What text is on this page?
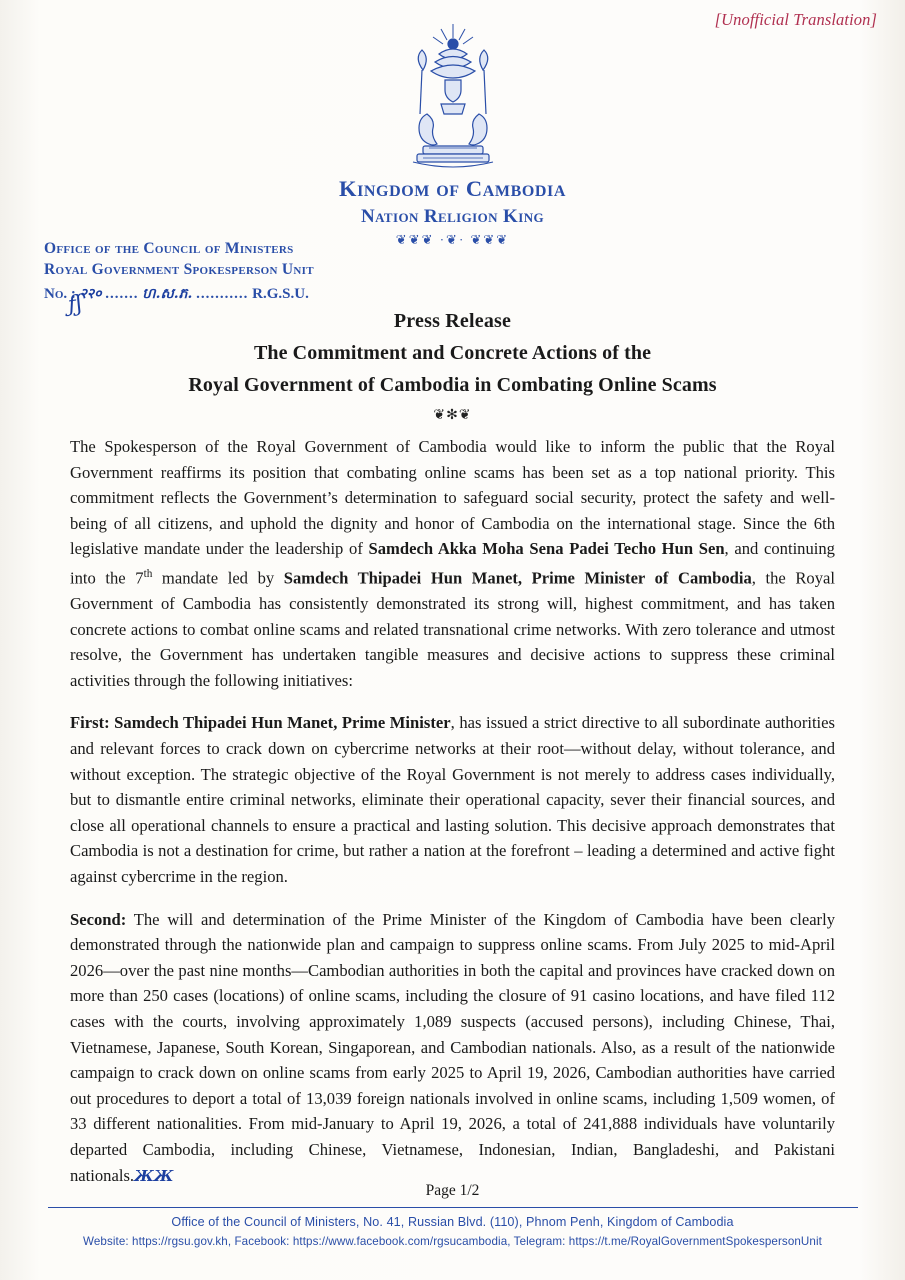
[Unofficial Translation]
Kingdom of Cambodia
Nation Religion King
❦❦❦ ·❦· ❦❦❦
Office of the Council of Ministers
Royal Government Spokesperson Unit
No. : २२० ....... ហ.ស.ភ. ........... R.G.S.U.
ƒʃ
Press Release
The Commitment and Concrete Actions of the
Royal Government of Cambodia in Combating Online Scams
❦✻❦

The Spokesperson of the Royal Government of Cambodia would like to inform the public that the Royal Government reaffirms its position that combating online scams has been set as a top national priority. This commitment reflects the Government’s determination to safeguard social security, protect the safety and well-being of all citizens, and uphold the dignity and honor of Cambodia on the international stage. Since the 6th legislative mandate under the leadership of Samdech Akka Moha Sena Padei Techo Hun Sen, and continuing into the 7th mandate led by Samdech Thipadei Hun Manet, Prime Minister of Cambodia, the Royal Government of Cambodia has consistently demonstrated its strong will, highest commitment, and has taken concrete actions to combat online scams and related transnational crime networks. With zero tolerance and utmost resolve, the Government has undertaken tangible measures and decisive actions to suppress these criminal activities through the following initiatives:

First: Samdech Thipadei Hun Manet, Prime Minister, has issued a strict directive to all subordinate authorities and relevant forces to crack down on cybercrime networks at their root—without delay, without tolerance, and without exception. The strategic objective of the Royal Government is not merely to address cases individually, but to dismantle entire criminal networks, eliminate their operational capacity, sever their financial sources, and close all operational channels to ensure a practical and lasting solution. This decisive approach demonstrates that Cambodia is not a destination for crime, but rather a nation at the forefront – leading a determined and active fight against cybercrime in the region.

Second: The will and determination of the Prime Minister of the Kingdom of Cambodia have been clearly demonstrated through the nationwide plan and campaign to suppress online scams. From July 2025 to mid-April 2026—over the past nine months—Cambodian authorities in both the capital and provinces have cracked down on more than 250 cases (locations) of online scams, including the closure of 91 casino locations, and have filed 112 cases with the courts, involving approximately 1,089 suspects (accused persons), including Chinese, Thai, Vietnamese, Japanese, South Korean, Singaporean, and Cambodian nationals. Also, as a result of the nationwide campaign to crack down on online scams from early 2025 to April 19, 2026, Cambodian authorities have carried out procedures to deport a total of 13,039 foreign nationals involved in online scams, including 1,509 women, of 33 different nationalities. From mid-January to April 19, 2026, a total of 241,888 individuals have voluntarily departed Cambodia, including Chinese, Vietnamese, Indonesian, Indian, Bangladeshi, and Pakistani nationals.ЖЖ

Page 1/2
Office of the Council of Ministers, No. 41, Russian Blvd. (110), Phnom Penh, Kingdom of Cambodia
Website: https://rgsu.gov.kh, Facebook: https://www.facebook.com/rgsucambodia, Telegram: https://t.me/RoyalGovernmentSpokespersonUnit
